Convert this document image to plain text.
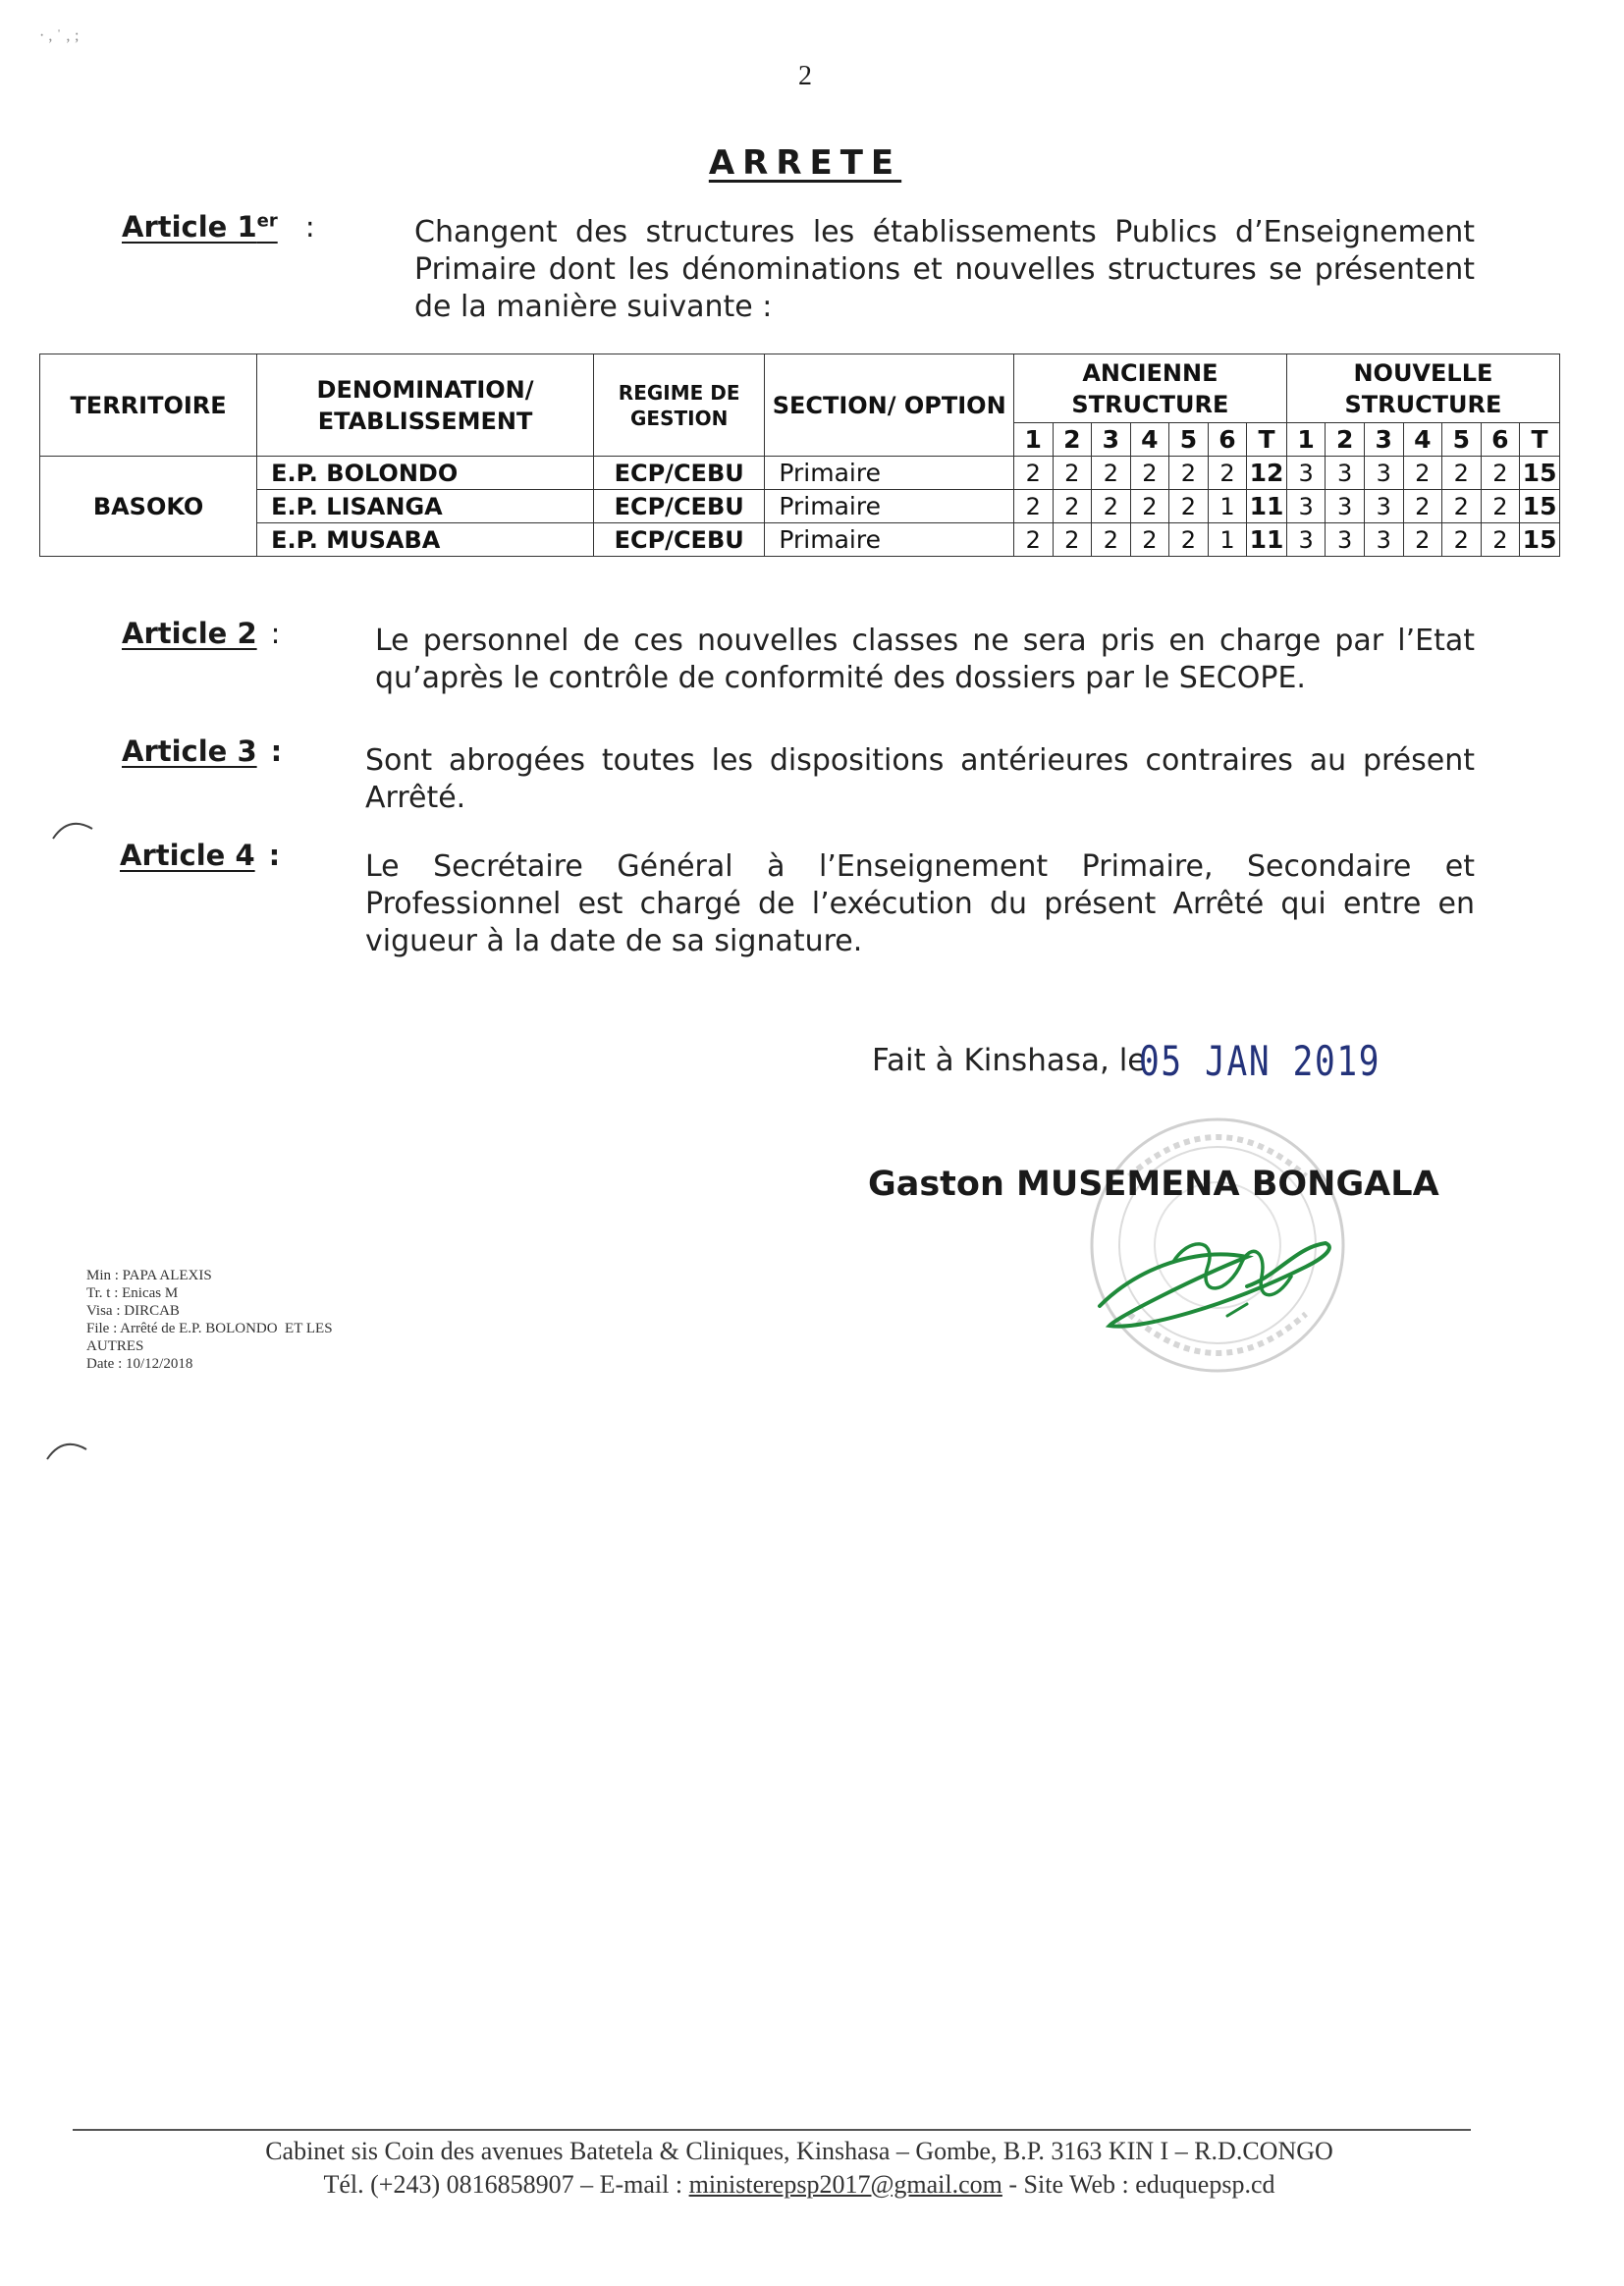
· , ˈ ‚ ;
2
ARRETE
Article 1er :	Changent des structures les établissements Publics d’Enseignement Primaire dont les dénominations et nouvelles structures se présentent de la manière suivante :
TERRITOIRE	DENOMINATION/ ETABLISSEMENT	REGIME DE GESTION	SECTION/ OPTION	ANCIENNE STRUCTURE							NOUVELLE STRUCTURE						
				1	2	3	4	5	6	T	1	2	3	4	5	6	T
BASOKO	E.P. BOLONDO	ECP/CEBU	Primaire	2	2	2	2	2	2	12	3	3	3	2	2	2	15
	E.P. LISANGA	ECP/CEBU	Primaire	2	2	2	2	2	1	11	3	3	3	2	2	2	15
	E.P. MUSABA	ECP/CEBU	Primaire	2	2	2	2	2	1	11	3	3	3	2	2	2	15
Article 2 :	Le personnel de ces nouvelles classes ne sera pris en charge par l’Etat qu’après le contrôle de conformité des dossiers par le SECOPE.
Article 3 :	Sont abrogées toutes les dispositions antérieures contraires au présent Arrêté.
Article 4 :	Le Secrétaire Général à l’Enseignement Primaire, Secondaire et Professionnel est chargé de l’exécution du présent Arrêté qui entre en vigueur à la date de sa signature.
Fait à Kinshasa, le
05 JAN 2019
Gaston MUSEMENA BONGALA
Min : PAPA ALEXIS
Tr. t : Enicas M
Visa : DIRCAB
File : Arrêté de E.P. BOLONDO  ET LES
AUTRES
Date : 10/12/2018
Cabinet sis Coin des avenues Batetela & Cliniques, Kinshasa – Gombe, B.P. 3163 KIN I – R.D.CONGO
Tél. (+243) 0816858907 – E-mail : ministerepsp2017@gmail.com - Site Web : eduquepsp.cd
